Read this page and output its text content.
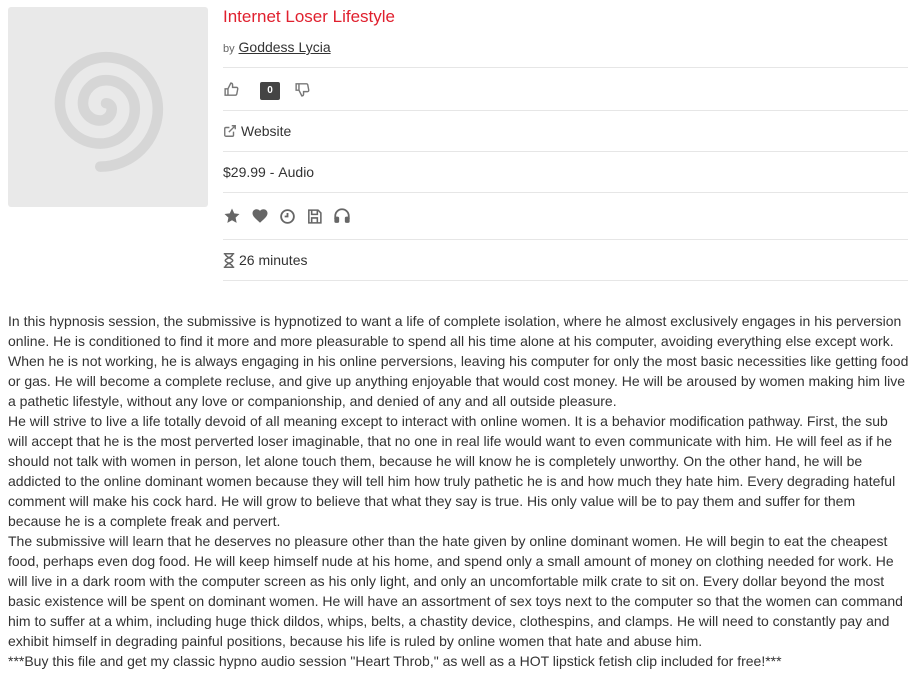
Internet Loser Lifestyle
by Goddess Lycia
0
Website
$29.99 - Audio
26 minutes

In this hypnosis session, the submissive is hypnotized to want a life of complete isolation, where he almost exclusively engages in his perversion online. He is conditioned to find it more and more pleasurable to spend all his time alone at his computer, avoiding everything else except work. When he is not working, he is always engaging in his online perversions, leaving his computer for only the most basic necessities like getting food or gas. He will become a complete recluse, and give up anything enjoyable that would cost money. He will be aroused by women making him live a pathetic lifestyle, without any love or companionship, and denied of any and all outside pleasure.

He will strive to live a life totally devoid of all meaning except to interact with online women. It is a behavior modification pathway. First, the sub will accept that he is the most perverted loser imaginable, that no one in real life would want to even communicate with him. He will feel as if he should not talk with women in person, let alone touch them, because he will know he is completely unworthy. On the other hand, he will be addicted to the online dominant women because they will tell him how truly pathetic he is and how much they hate him. Every degrading hateful comment will make his cock hard. He will grow to believe that what they say is true. His only value will be to pay them and suffer for them because he is a complete freak and pervert.

The submissive will learn that he deserves no pleasure other than the hate given by online dominant women. He will begin to eat the cheapest food, perhaps even dog food. He will keep himself nude at his home, and spend only a small amount of money on clothing needed for work. He will live in a dark room with the computer screen as his only light, and only an uncomfortable milk crate to sit on. Every dollar beyond the most basic existence will be spent on dominant women. He will have an assortment of sex toys next to the computer so that the women can command him to suffer at a whim, including huge thick dildos, whips, belts, a chastity device, clothespins, and clamps. He will need to constantly pay and exhibit himself in degrading painful positions, because his life is ruled by online women that hate and abuse him.

***Buy this file and get my classic hypno audio session "Heart Throb," as well as a HOT lipstick fetish clip included for free!***
